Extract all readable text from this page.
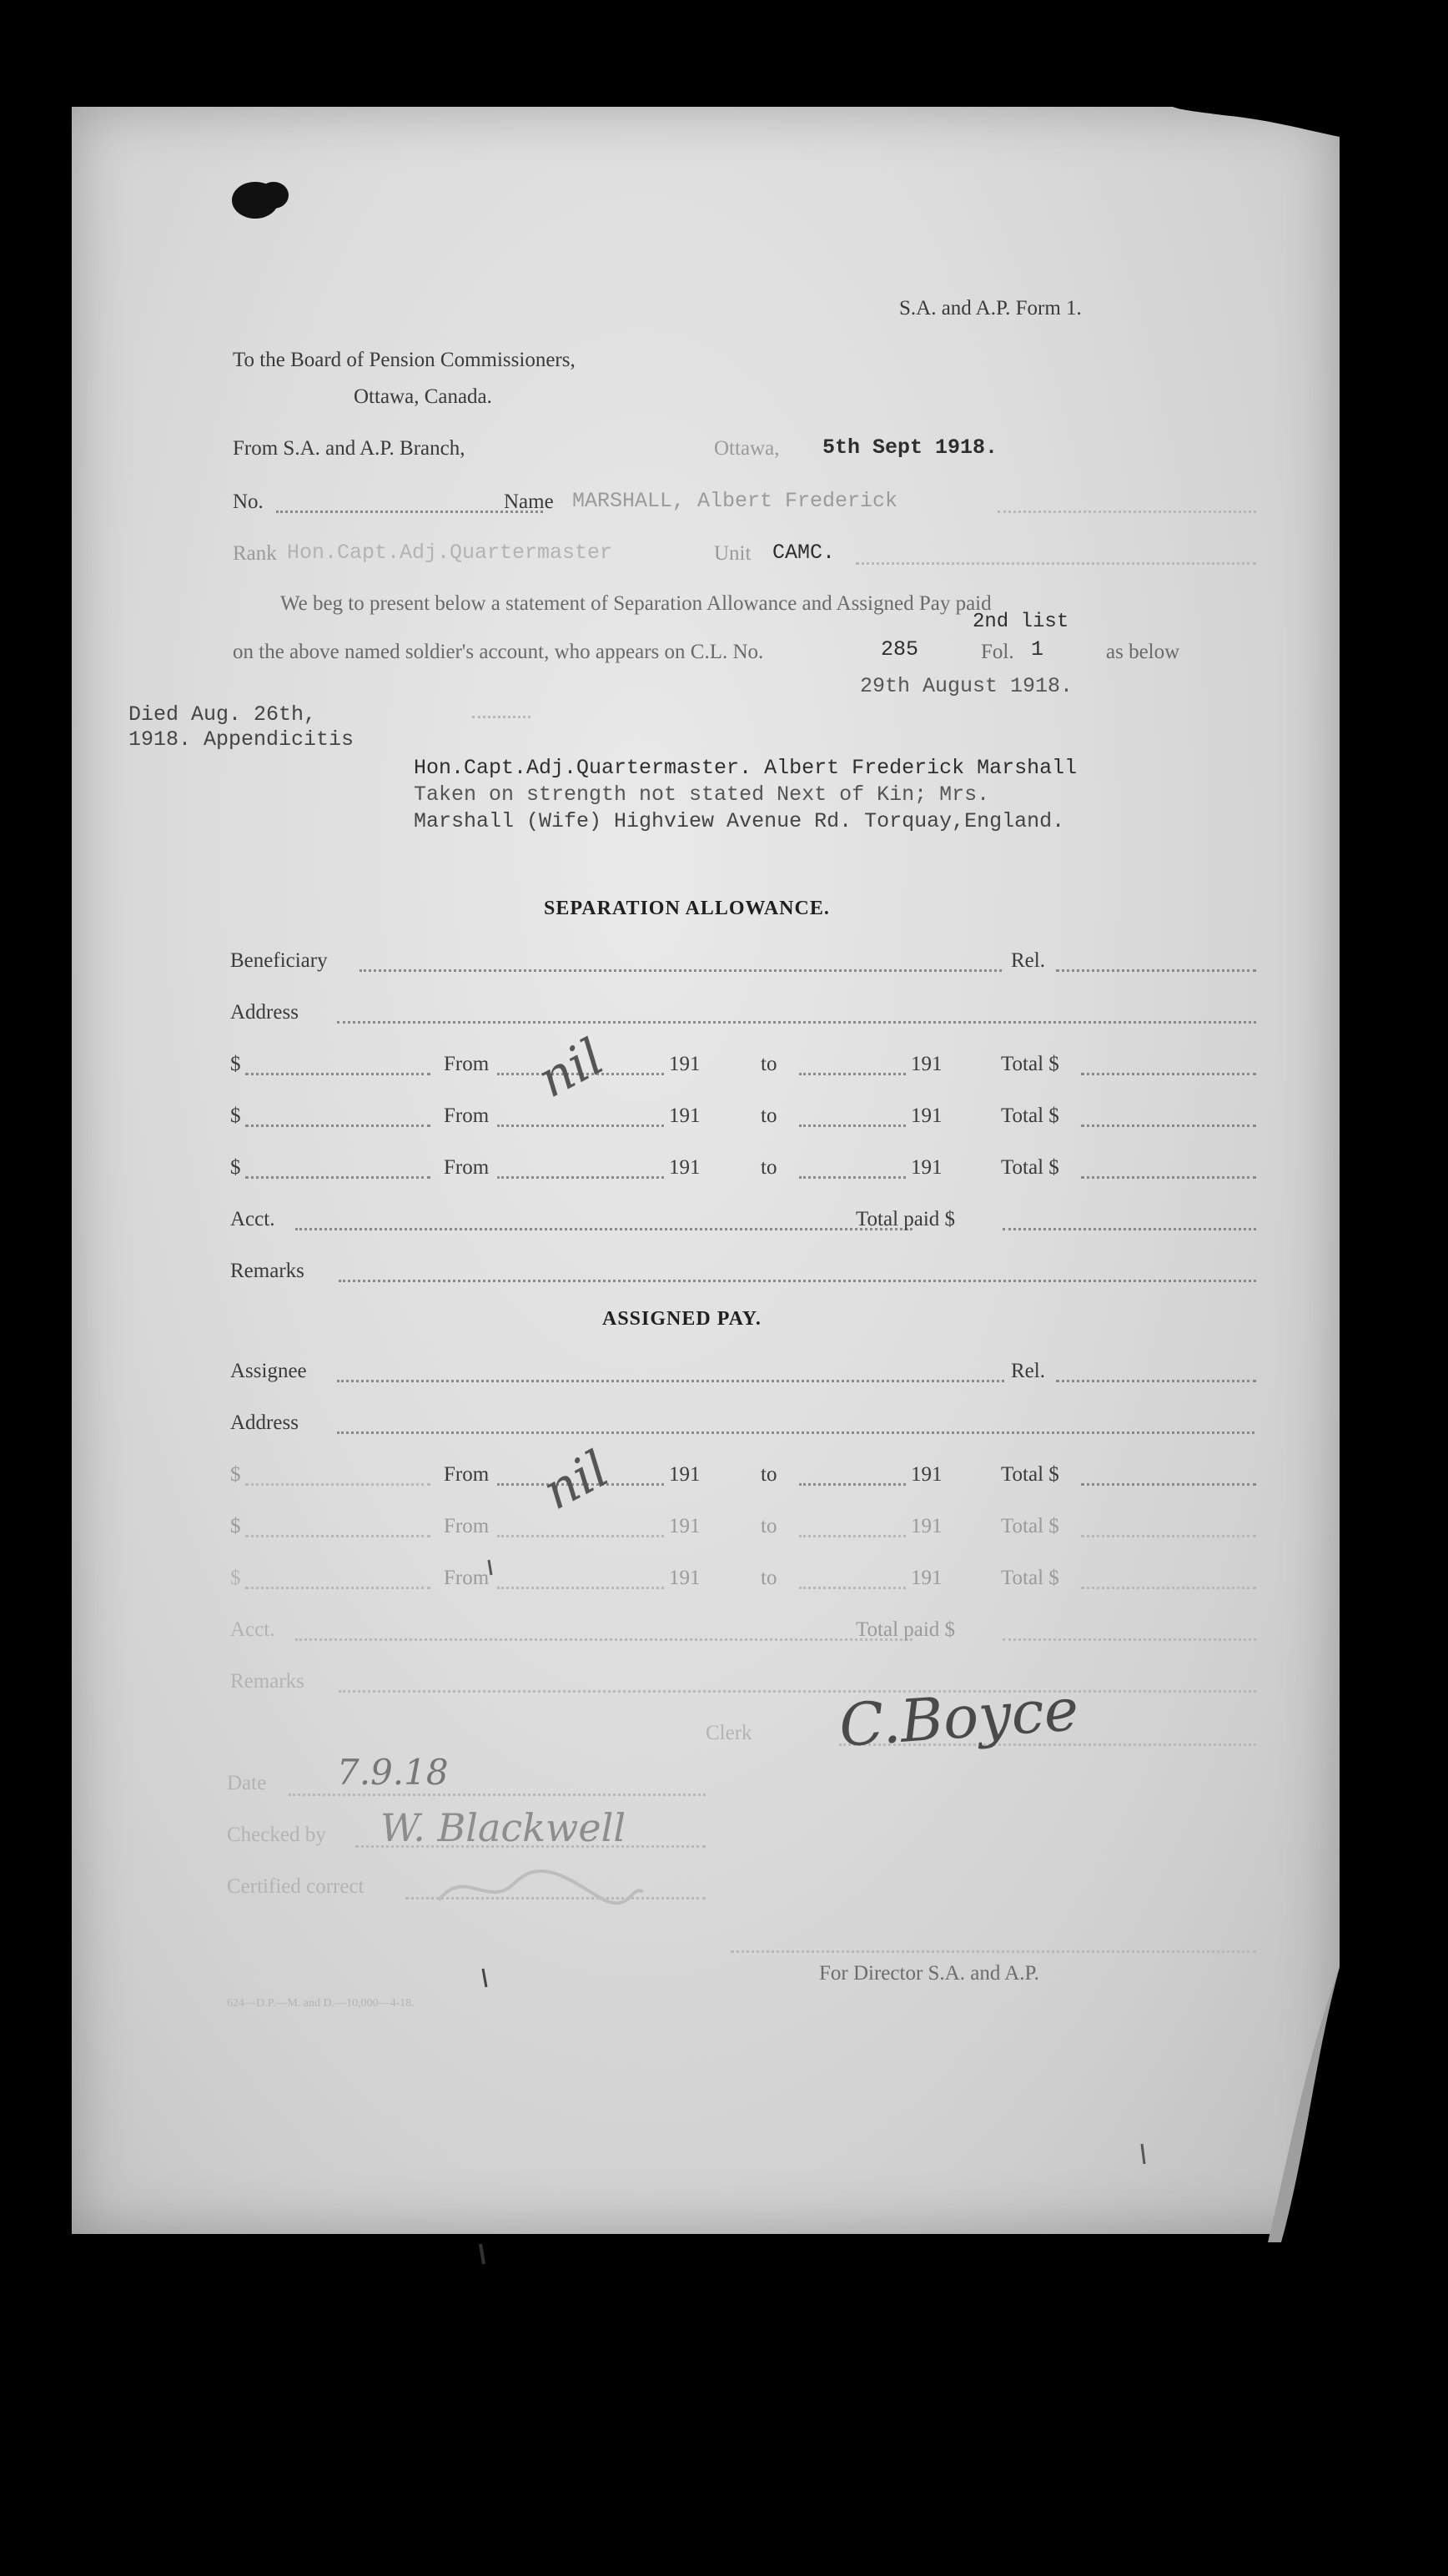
S.A. and A.P. Form 1.
To the Board of Pension Commissioners,
Ottawa, Canada.
From S.A. and A.P. Branch,	Ottawa, 5th Sept 1918.
No.	Name MARSHALL, Albert Frederick
Rank Hon.Capt.Adj.Quartermaster	Unit CAMC.
We beg to present below a statement of Separation Allowance and Assigned Pay paid
2nd list
on the above named soldier's account, who appears on C.L. No.	285	Fol. 1	as below
29th August 1918.
Died Aug. 26th,
1918. Appendicitis
Hon.Capt.Adj.Quartermaster. Albert Frederick Marshall
Taken on strength not stated Next of Kin; Mrs.
Marshall (Wife) Highview Avenue Rd. Torquay,England.
SEPARATION ALLOWANCE.
Beneficiary	Rel.
Address
$	From	191	to	191	Total $
$	From	191	to	191	Total $
$	From	191	to	191	Total $
Acct.	Total paid $
Remarks
nil
ASSIGNED PAY.
Assignee	Rel.
Address
$	From	191	to	191	Total $
$	From	191	to	191	Total $
$	From	191	to	191	Total $
Acct.	Total paid $
Remarks
nil
Clerk C.Boyce
Date 7.9.18
Checked by W. Blackwell
Certified correct
For Director S.A. and A.P.
624—D.P.—M. and D.—10,000—4-18.
